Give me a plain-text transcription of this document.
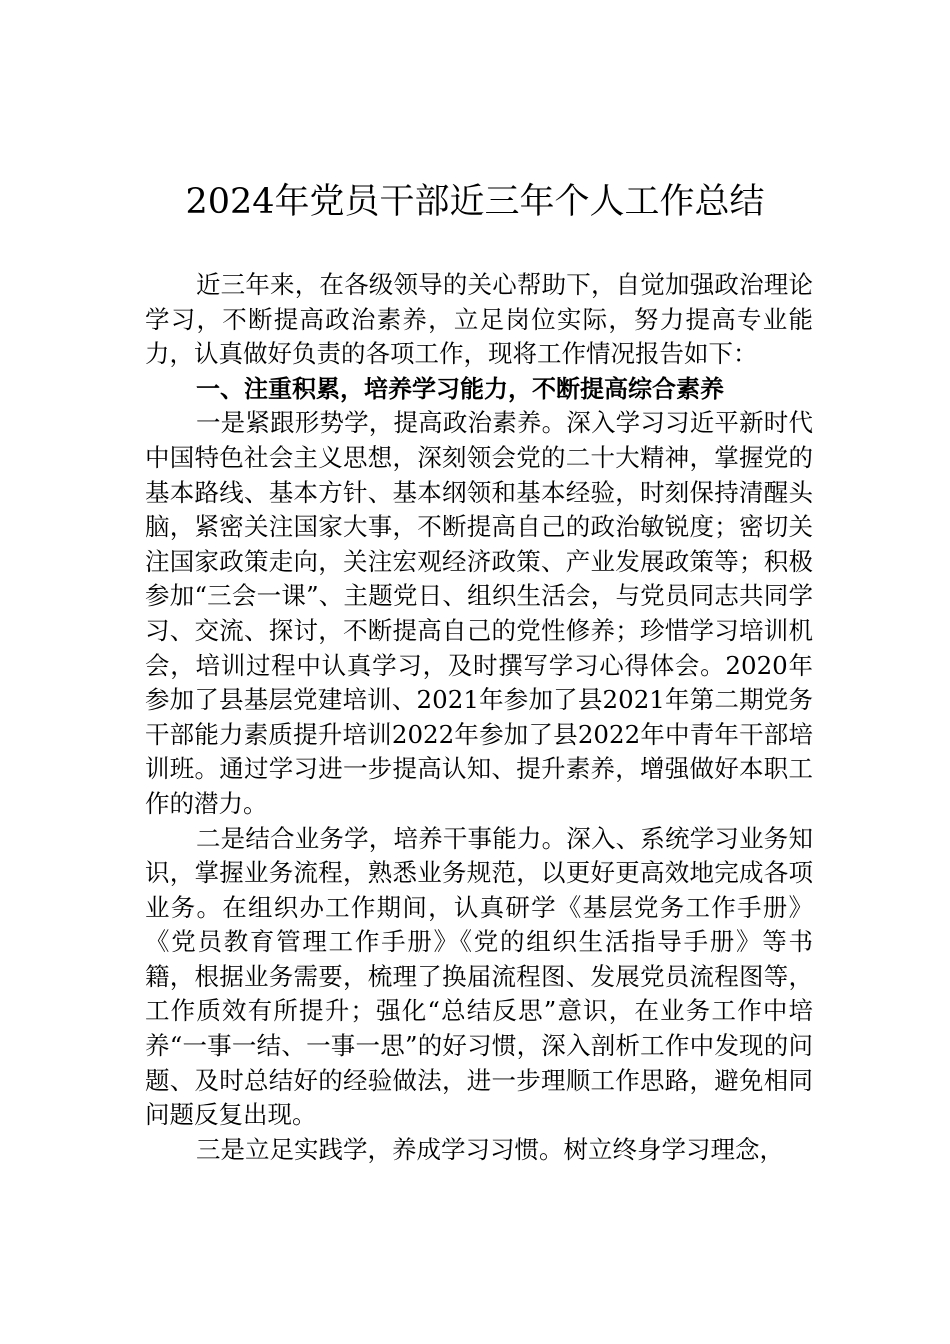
2024年党员干部近三年个人工作总结

近三年来，在各级领导的关心帮助下，自觉加强政治理论学习，不断提高政治素养，立足岗位实际，努力提高专业能力，认真做好负责的各项工作，现将工作情况报告如下：

一、注重积累，培养学习能力，不断提高综合素养

一是紧跟形势学，提高政治素养。深入学习习近平新时代中国特色社会主义思想，深刻领会党的二十大精神，掌握党的基本路线、基本方针、基本纲领和基本经验，时刻保持清醒头脑，紧密关注国家大事，不断提高自己的政治敏锐度；密切关注国家政策走向，关注宏观经济政策、产业发展政策等；积极参加“三会一课”、主题党日、组织生活会，与党员同志共同学习、交流、探讨，不断提高自己的党性修养；珍惜学习培训机会，培训过程中认真学习，及时撰写学习心得体会。2020年参加了县基层党建培训、2021年参加了县2021年第二期党务干部能力素质提升培训2022年参加了县2022年中青年干部培训班。通过学习进一步提高认知、提升素养，增强做好本职工作的潜力。

二是结合业务学，培养干事能力。深入、系统学习业务知识，掌握业务流程，熟悉业务规范，以更好更高效地完成各项业务。在组织办工作期间，认真研学《基层党务工作手册》《党员教育管理工作手册》《党的组织生活指导手册》等书籍，根据业务需要，梳理了换届流程图、发展党员流程图等，工作质效有所提升；强化“总结反思”意识，在业务工作中培养“一事一结、一事一思”的好习惯，深入剖析工作中发现的问题、及时总结好的经验做法，进一步理顺工作思路，避免相同问题反复出现。

三是立足实践学，养成学习习惯。树立终身学习理念，
